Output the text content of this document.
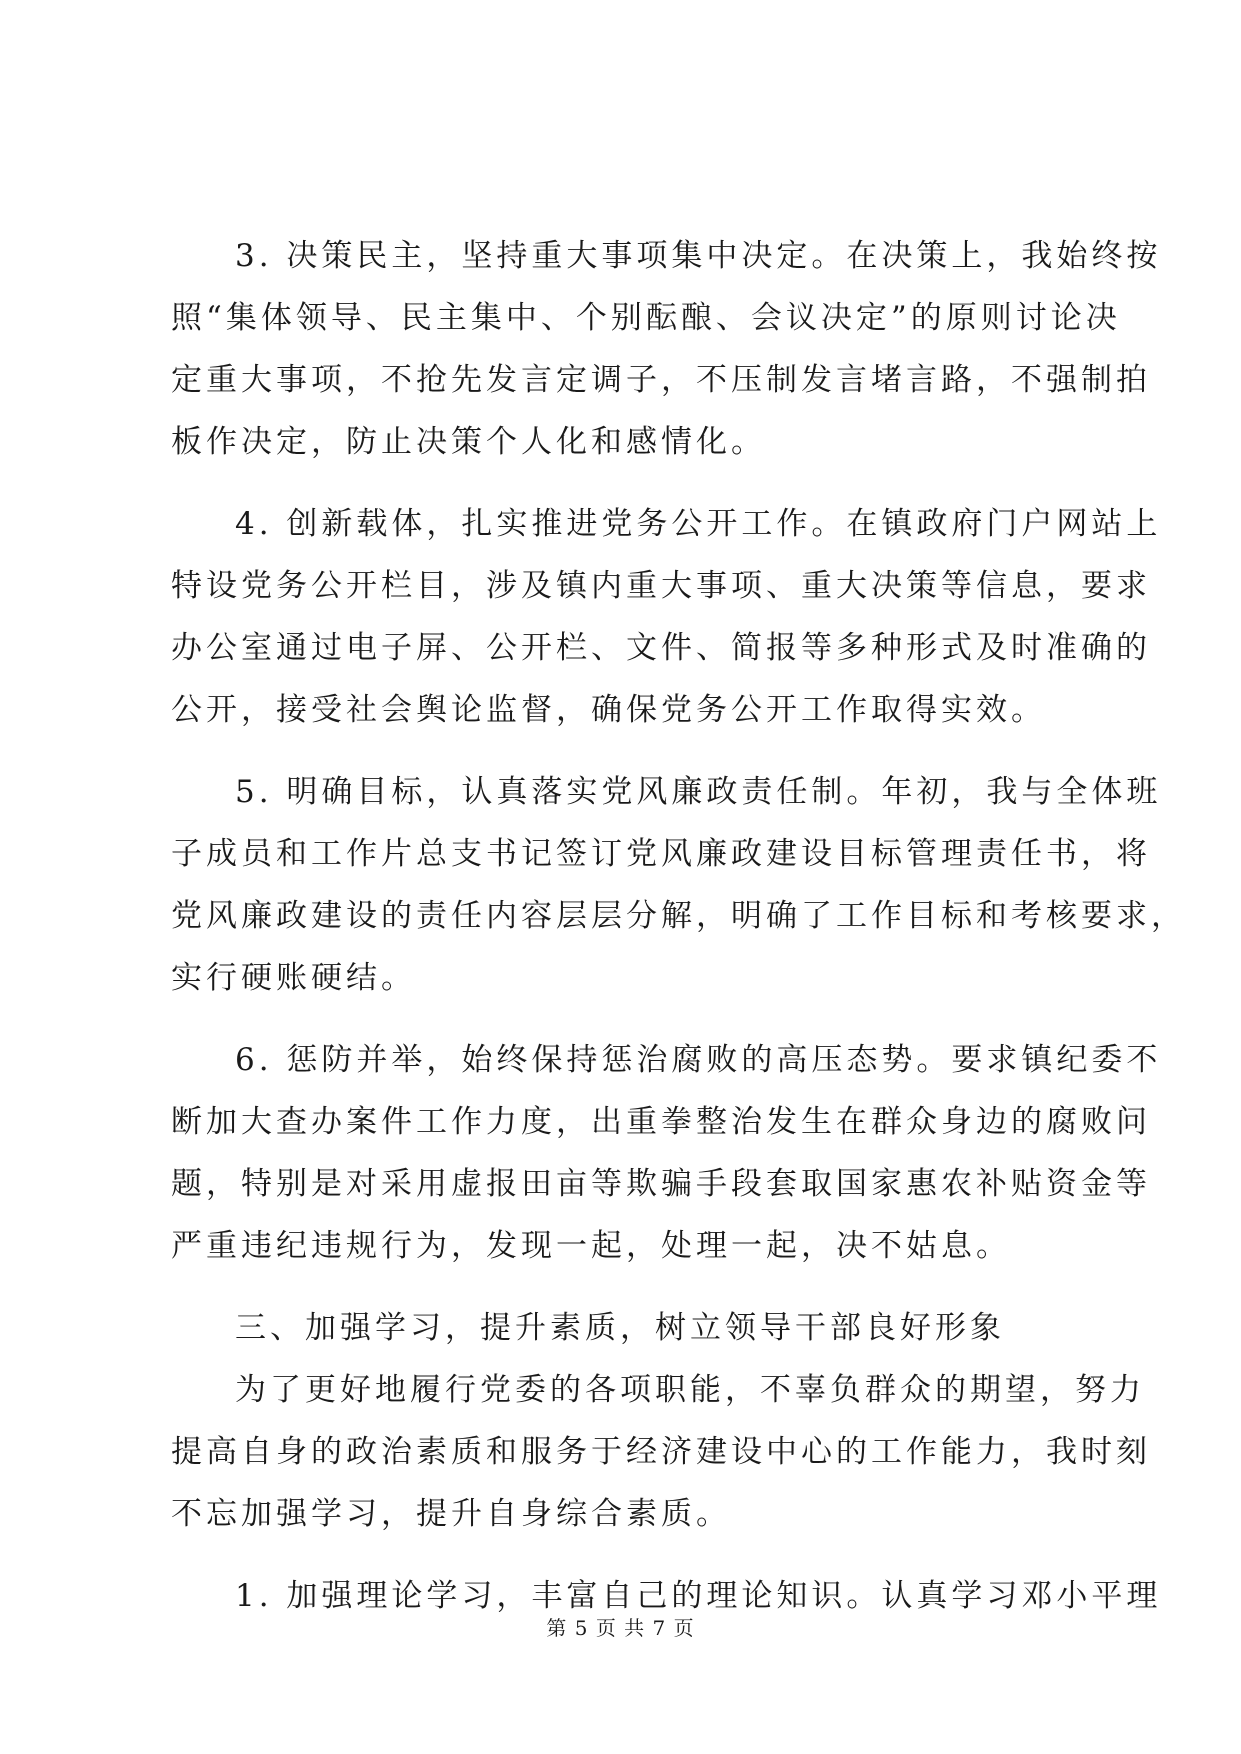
3. 决策民主，坚持重大事项集中决定。在决策上，我始终按
照“集体领导、民主集中、个别酝酿、会议决定”的原则讨论决
定重大事项，不抢先发言定调子，不压制发言堵言路，不强制拍
板作决定，防止决策个人化和感情化。
4. 创新载体，扎实推进党务公开工作。在镇政府门户网站上
特设党务公开栏目，涉及镇内重大事项、重大决策等信息，要求
办公室通过电子屏、公开栏、文件、简报等多种形式及时准确的
公开，接受社会舆论监督，确保党务公开工作取得实效。
5. 明确目标，认真落实党风廉政责任制。年初，我与全体班
子成员和工作片总支书记签订党风廉政建设目标管理责任书，将
党风廉政建设的责任内容层层分解，明确了工作目标和考核要求，
实行硬账硬结。
6. 惩防并举，始终保持惩治腐败的高压态势。要求镇纪委不
断加大查办案件工作力度，出重拳整治发生在群众身边的腐败问
题，特别是对采用虚报田亩等欺骗手段套取国家惠农补贴资金等
严重违纪违规行为，发现一起，处理一起，决不姑息。
三、加强学习，提升素质，树立领导干部良好形象
为了更好地履行党委的各项职能，不辜负群众的期望，努力
提高自身的政治素质和服务于经济建设中心的工作能力，我时刻
不忘加强学习，提升自身综合素质。
1. 加强理论学习，丰富自己的理论知识。认真学习邓小平理
第 5 页 共 7 页
